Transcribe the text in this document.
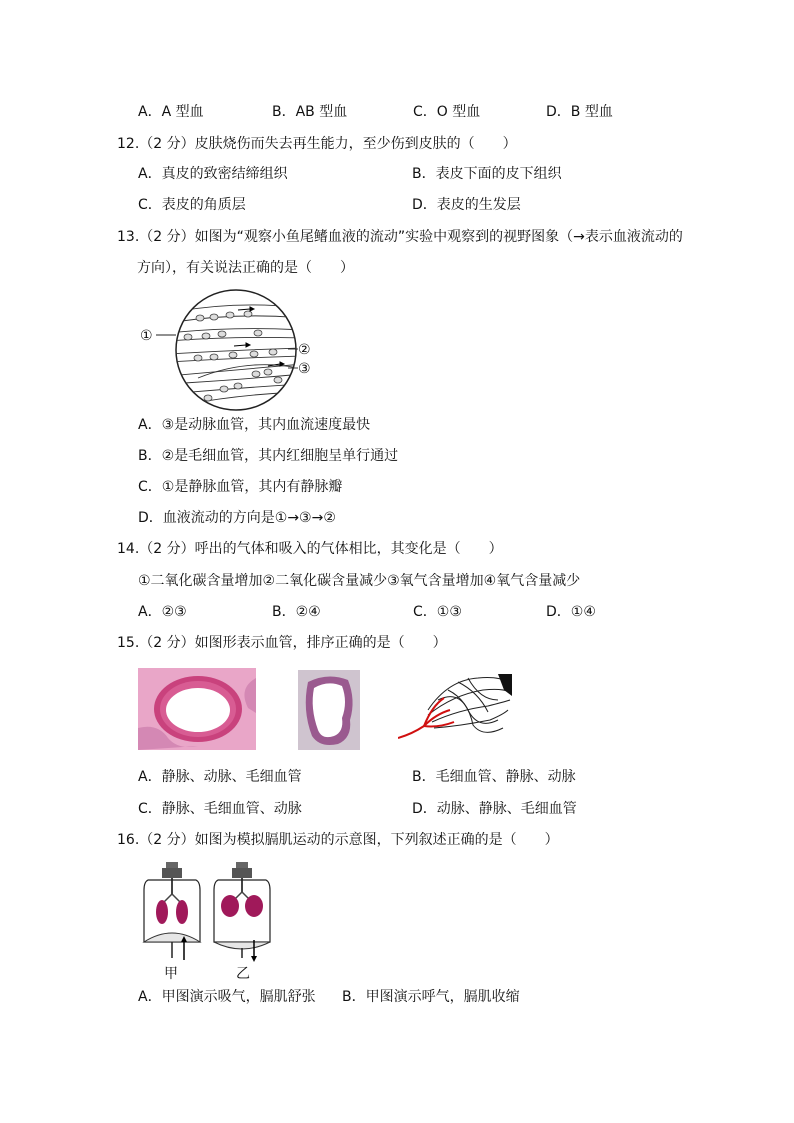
A．A 型血	B．AB 型血	C．O 型血	D．B 型血
12.（2 分）皮肤烧伤而失去再生能力，至少伤到皮肤的（　　）
A．真皮的致密结缔组织	B．表皮下面的皮下组织
C．表皮的角质层	D．表皮的生发层
13.（2 分）如图为“观察小鱼尾鳍血液的流动”实验中观察到的视野图象（→表示血液流动的
方向），有关说法正确的是（　　）
①
②
③
A．③是动脉血管，其内血流速度最快
B．②是毛细血管，其内红细胞呈单行通过
C．①是静脉血管，其内有静脉瓣
D．血液流动的方向是①→③→②
14.（2 分）呼出的气体和吸入的气体相比，其变化是（　　）
①二氧化碳含量增加②二氧化碳含量减少③氧气含量增加④氧气含量减少
A．②③	B．②④	C．①③	D．①④
15.（2 分）如图形表示血管，排序正确的是（　　）
A．静脉、动脉、毛细血管	B．毛细血管、静脉、动脉
C．静脉、毛细血管、动脉	D．动脉、静脉、毛细血管
16.（2 分）如图为模拟膈肌运动的示意图，下列叙述正确的是（　　）
甲	乙
A．甲图演示吸气，膈肌舒张 B．甲图演示呼气，膈肌收缩
